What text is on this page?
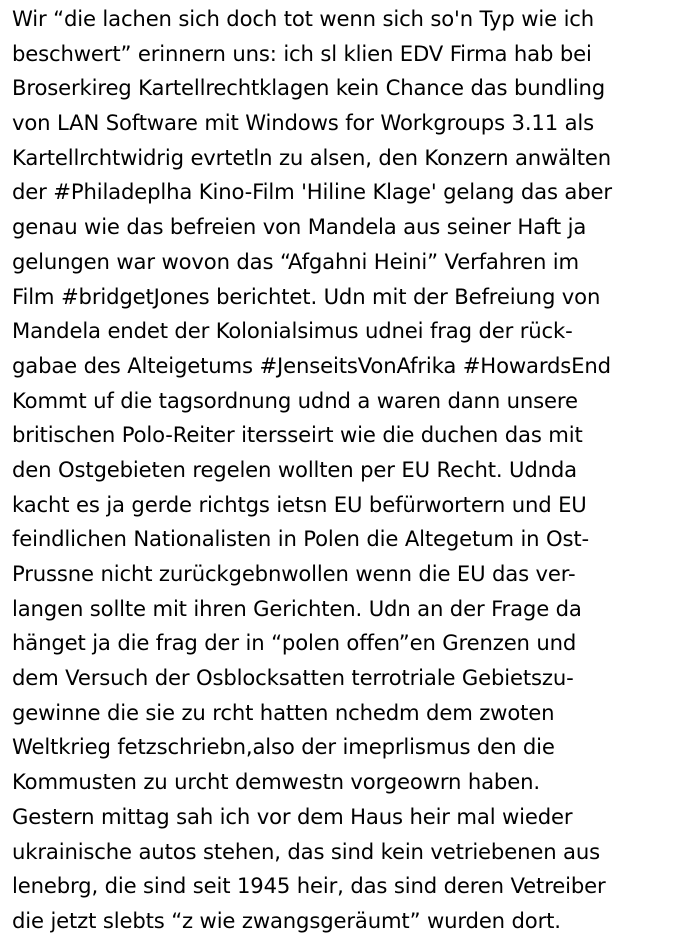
Wir “die lachen sich doch tot wenn sich so'n Typ wie ich
beschwert” erinnern uns: ich sl klien EDV Firma hab bei
Broserkireg Kartellrechtklagen kein Chance das bundling
von LAN Software mit Windows for Workgroups 3.11 als
Kartellrchtwidrig evrtetln zu alsen, den Konzern anwälten
der #Philadeplha Kino-Film 'Hiline Klage' gelang das aber
genau wie das befreien von Mandela aus seiner Haft ja
gelungen war wovon das “Afgahni Heini” Verfahren im
Film #bridgetJones berichtet. Udn mit der Befreiung von
Mandela endet der Kolonialsimus udnei frag der rück-
gabae des Alteigetums #JenseitsVonAfrika #HowardsEnd
Kommt uf die tagsordnung udnd a waren dann unsere
britischen Polo-Reiter itersseirt wie die duchen das mit
den Ostgebieten regelen wollten per EU Recht. Udnda
kacht es ja gerde richtgs ietsn EU befürwortern und EU
feindlichen Nationalisten in Polen die Altegetum in Ost-
Prussne nicht zurückgebnwollen wenn die EU das ver-
langen sollte mit ihren Gerichten. Udn an der Frage da
hänget ja die frag der in “polen offen”en Grenzen und
dem Versuch der Osblocksatten terrotriale Gebietszu-
gewinne die sie zu rcht hatten nchedm dem zwoten
Weltkrieg fetzschriebn,also der imeprlismus den die
Kommusten zu urcht demwestn vorgeowrn haben.
Gestern mittag sah ich vor dem Haus heir mal wieder
ukrainische autos stehen, das sind kein vetriebenen aus
lenebrg, die sind seit 1945 heir, das sind deren Vetreiber
die jetzt slebts “z wie zwangsgeräumt” wurden dort.
